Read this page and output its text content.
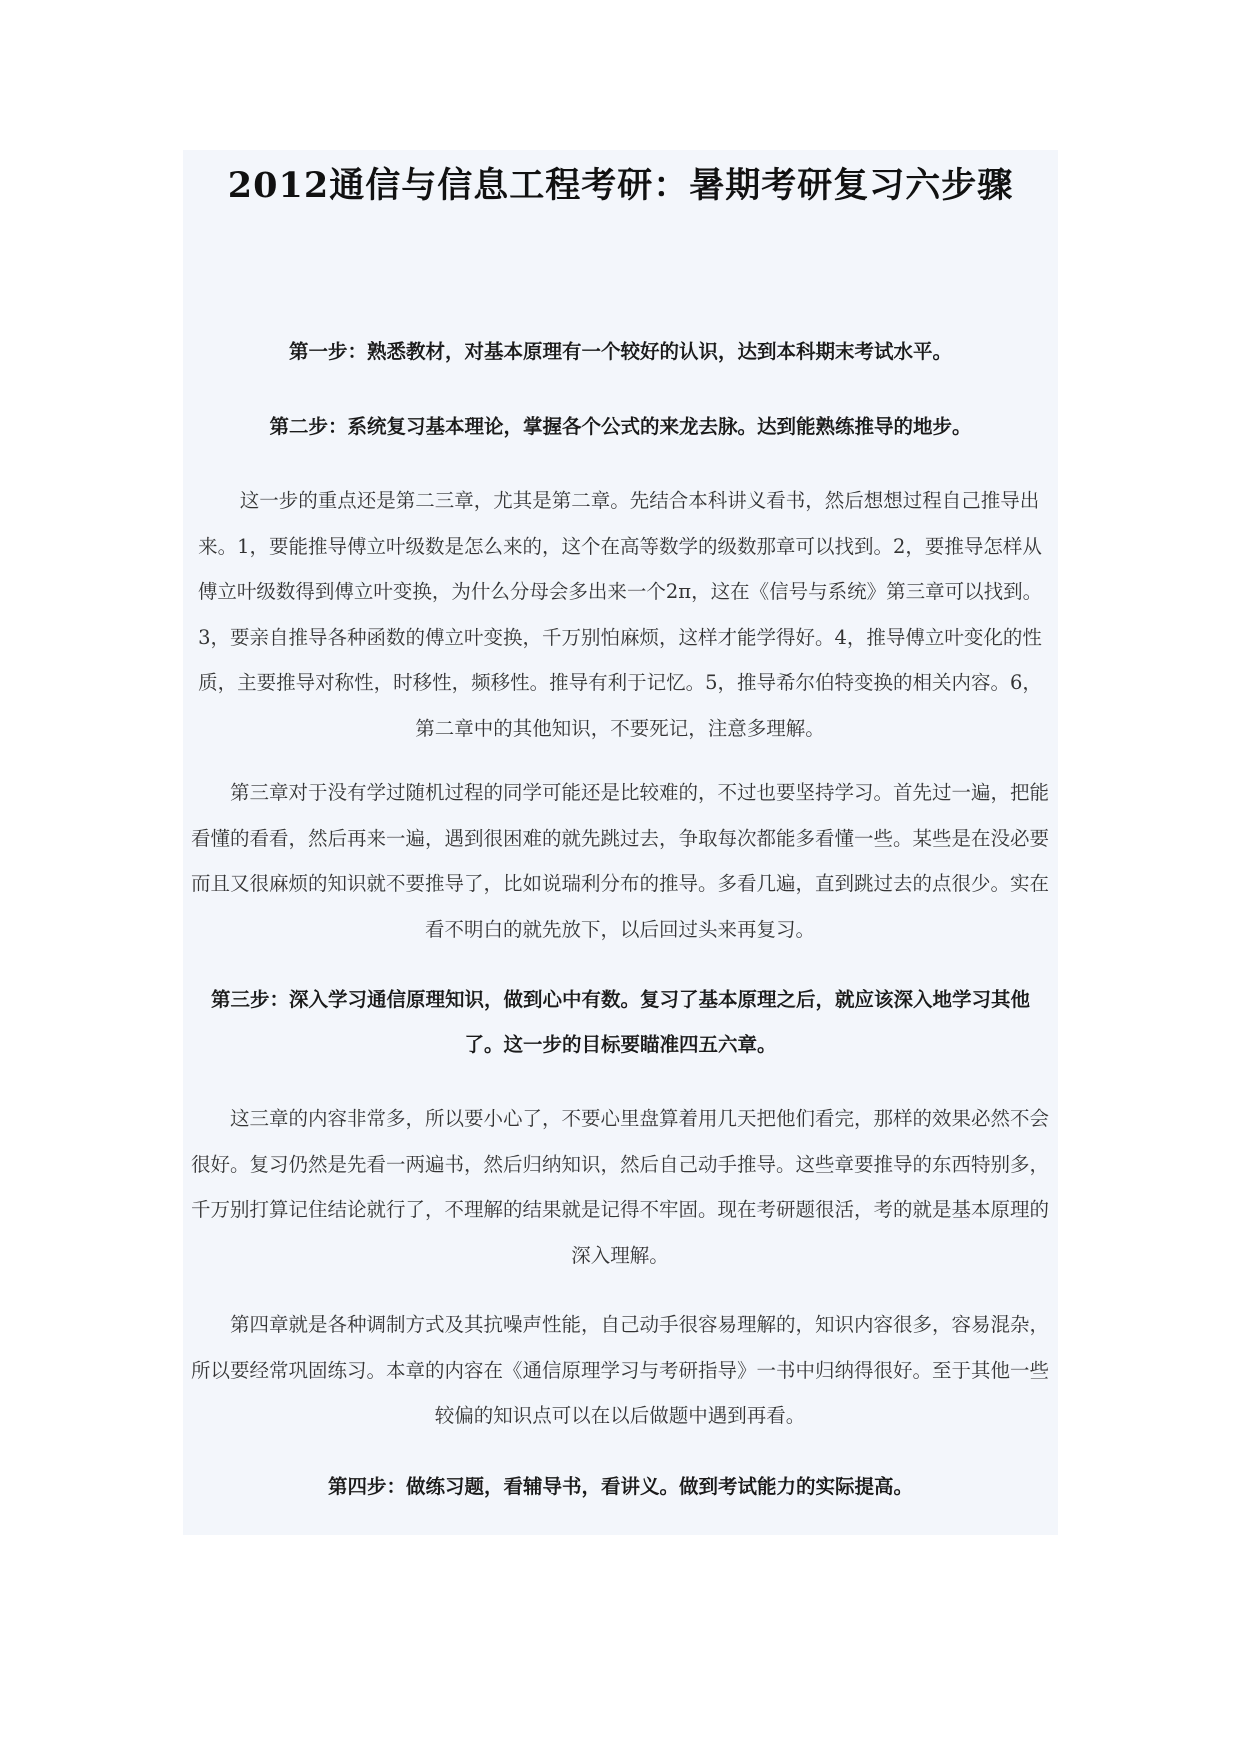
2012通信与信息工程考研：暑期考研复习六步骤

第一步：熟悉教材，对基本原理有一个较好的认识，达到本科期末考试水平。

第二步：系统复习基本理论，掌握各个公式的来龙去脉。达到能熟练推导的地步。

　　这一步的重点还是第二三章，尤其是第二章。先结合本科讲义看书，然后想想过程自己推导出来。1，要能推导傅立叶级数是怎么来的，这个在高等数学的级数那章可以找到。2，要推导怎样从傅立叶级数得到傅立叶变换，为什么分母会多出来一个2π，这在《信号与系统》第三章可以找到。3，要亲自推导各种函数的傅立叶变换，千万别怕麻烦，这样才能学得好。4，推导傅立叶变化的性质，主要推导对称性，时移性，频移性。推导有利于记忆。5，推导希尔伯特变换的相关内容。6，第二章中的其他知识，不要死记，注意多理解。

　　第三章对于没有学过随机过程的同学可能还是比较难的，不过也要坚持学习。首先过一遍，把能看懂的看看，然后再来一遍，遇到很困难的就先跳过去，争取每次都能多看懂一些。某些是在没必要而且又很麻烦的知识就不要推导了，比如说瑞利分布的推导。多看几遍，直到跳过去的点很少。实在看不明白的就先放下，以后回过头来再复习。

第三步：深入学习通信原理知识，做到心中有数。复习了基本原理之后，就应该深入地学习其他了。这一步的目标要瞄准四五六章。

　　这三章的内容非常多，所以要小心了，不要心里盘算着用几天把他们看完，那样的效果必然不会很好。复习仍然是先看一两遍书，然后归纳知识，然后自己动手推导。这些章要推导的东西特别多，千万别打算记住结论就行了，不理解的结果就是记得不牢固。现在考研题很活，考的就是基本原理的深入理解。

　　第四章就是各种调制方式及其抗噪声性能，自己动手很容易理解的，知识内容很多，容易混杂，所以要经常巩固练习。本章的内容在《通信原理学习与考研指导》一书中归纳得很好。至于其他一些较偏的知识点可以在以后做题中遇到再看。

第四步：做练习题，看辅导书，看讲义。做到考试能力的实际提高。
